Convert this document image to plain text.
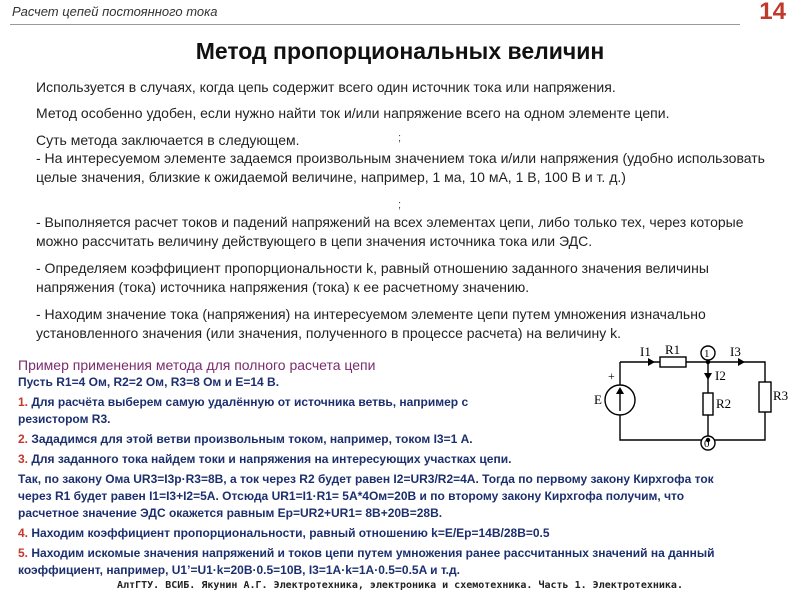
Расчет цепей постоянного тока	14
Метод пропорциональных величин
Используется в случаях, когда цепь содержит всего один источник тока или напряжения.
Метод особенно удобен, если нужно найти ток и/или напряжение всего на одном элементе цепи.
Суть метода заключается в следующем.	;
- На интересуемом элементе задаемся произвольным значением тока и/или напряжения (удобно использовать целые значения, близкие к ожидаемой величине, например, 1 ма, 10 мА, 1 В, 100 В и т. д.)
;
- Выполняется расчет токов и падений напряжений на всех элементах цепи, либо только тех, через которые можно рассчитать величину действующего в цепи значения источника тока или ЭДС.
- Определяем коэффициент пропорциональности k, равный отношению заданного значения величины напряжения (тока) источника напряжения (тока) к ее расчетному значению.
- Находим значение тока (напряжения) на интересуемом элементе цепи путем умножения изначально установленного значения (или значения, полученного в процессе расчета) на величину k.
Пример применения метода для полного расчета цепи
Пусть R1=4 Ом, R2=2 Ом, R3=8 Ом и E=14 В.
1. Для расчёта выберем самую удалённую от источника ветвь, например с резистором R3.
2. Зададимся для этой ветви произвольным током, например, током I3=1 А.
3. Для заданного тока найдем токи и напряжения на интересующих участках цепи.
Так, по закону Ома UR3=I3p·R3=8B, а ток через R2 будет равен I2=UR3/R2=4A. Тогда по первому закону Кирхгофа ток через R1 будет равен I1=I3+I2=5A. Отсюда UR1=I1·R1= 5A*4Ом=20В и по второму закону Кирхгофа получим, что расчетное значение ЭДС окажется равным Ер=UR2+UR1= 8В+20В=28В.
4. Находим коэффициент пропорциональности, равный отношению k=E/Ep=14В/28В=0.5
5. Находим искомые значения напряжений и токов цепи путем умножения ранее рассчитанных значений на данный коэффициент, например, U1’=U1·k=20В·0.5=10В, I3=1A·k=1A·0.5=0.5A и т.д.
I1 R1 1 I3
I2
R2
R3
E
+
0
АлтГТУ. ВСИБ. Якунин А.Г. Электротехника, электроника и схемотехника. Часть 1. Электротехника.
